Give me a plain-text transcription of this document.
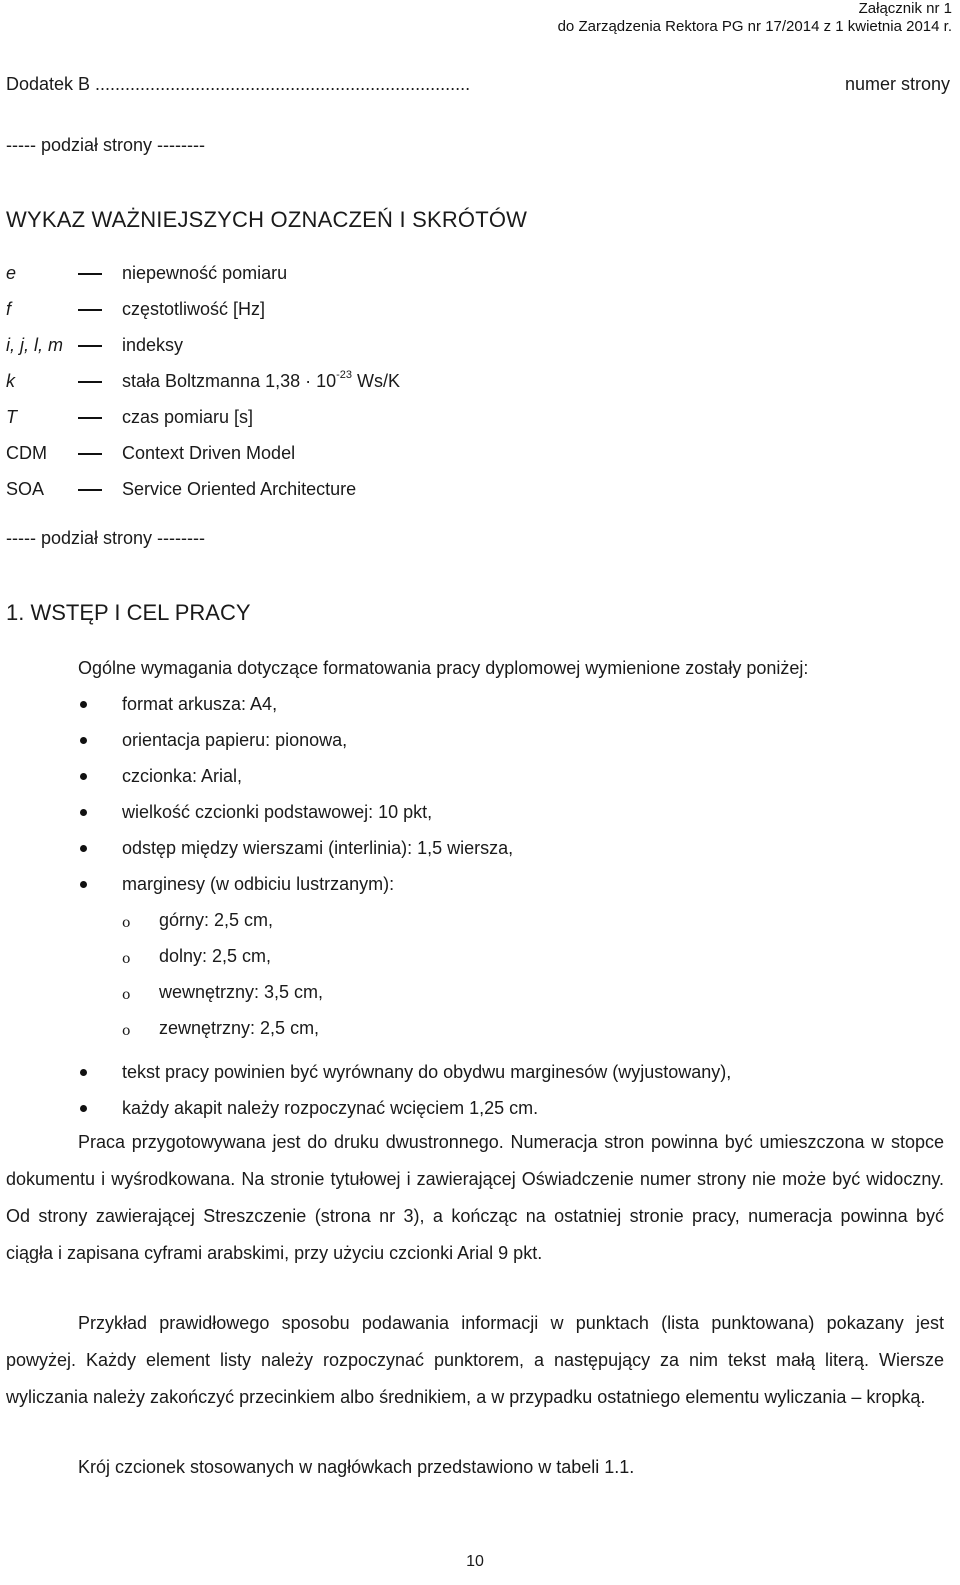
Załącznik nr 1
do Zarządzenia Rektora PG nr 17/2014 z 1 kwietnia 2014 r.
Dodatek B ...........................................................................	numer strony
----- podział strony --------
WYKAZ WAŻNIEJSZYCH OZNACZEŃ I SKRÓTÓW
e	niepewność pomiaru
f	częstotliwość [Hz]
i, j, l, m	indeksy
k	stała Boltzmanna $1,38 \cdot 10^{-23}$ Ws/K
T	czas pomiaru [s]
CDM	Context Driven Model
SOA	Service Oriented Architecture
----- podział strony --------
1. WSTĘP I CEL PRACY
Ogólne wymagania dotyczące formatowania pracy dyplomowej wymienione zostały poniżej:
format arkusza: A4,
orientacja papieru: pionowa,
czcionka: Arial,
wielkość czcionki podstawowej: 10 pkt,
odstęp między wierszami (interlinia): 1,5 wiersza,
marginesy (w odbiciu lustrzanym):
o górny: 2,5 cm,
o dolny: 2,5 cm,
o wewnętrzny: 3,5 cm,
o zewnętrzny: 2,5 cm,
tekst pracy powinien być wyrównany do obydwu marginesów (wyjustowany),
każdy akapit należy rozpoczynać wcięciem 1,25 cm.
Praca przygotowywana jest do druku dwustronnego. Numeracja stron powinna być umieszczona w stopce dokumentu i wyśrodkowana. Na stronie tytułowej i zawierającej Oświadczenie numer strony nie może być widoczny. Od strony zawierającej Streszczenie (strona nr 3), a kończąc na ostatniej stronie pracy, numeracja powinna być ciągła i zapisana cyframi arabskimi, przy użyciu czcionki Arial 9 pkt.
Przykład prawidłowego sposobu podawania informacji w punktach (lista punktowana) pokazany jest powyżej. Każdy element listy należy rozpoczynać punktorem, a następujący za nim tekst małą literą. Wiersze wyliczania należy zakończyć przecinkiem albo średnikiem, a w przypadku ostatniego elementu wyliczania – kropką.
Krój czcionek stosowanych w nagłówkach przedstawiono w tabeli 1.1.
10
